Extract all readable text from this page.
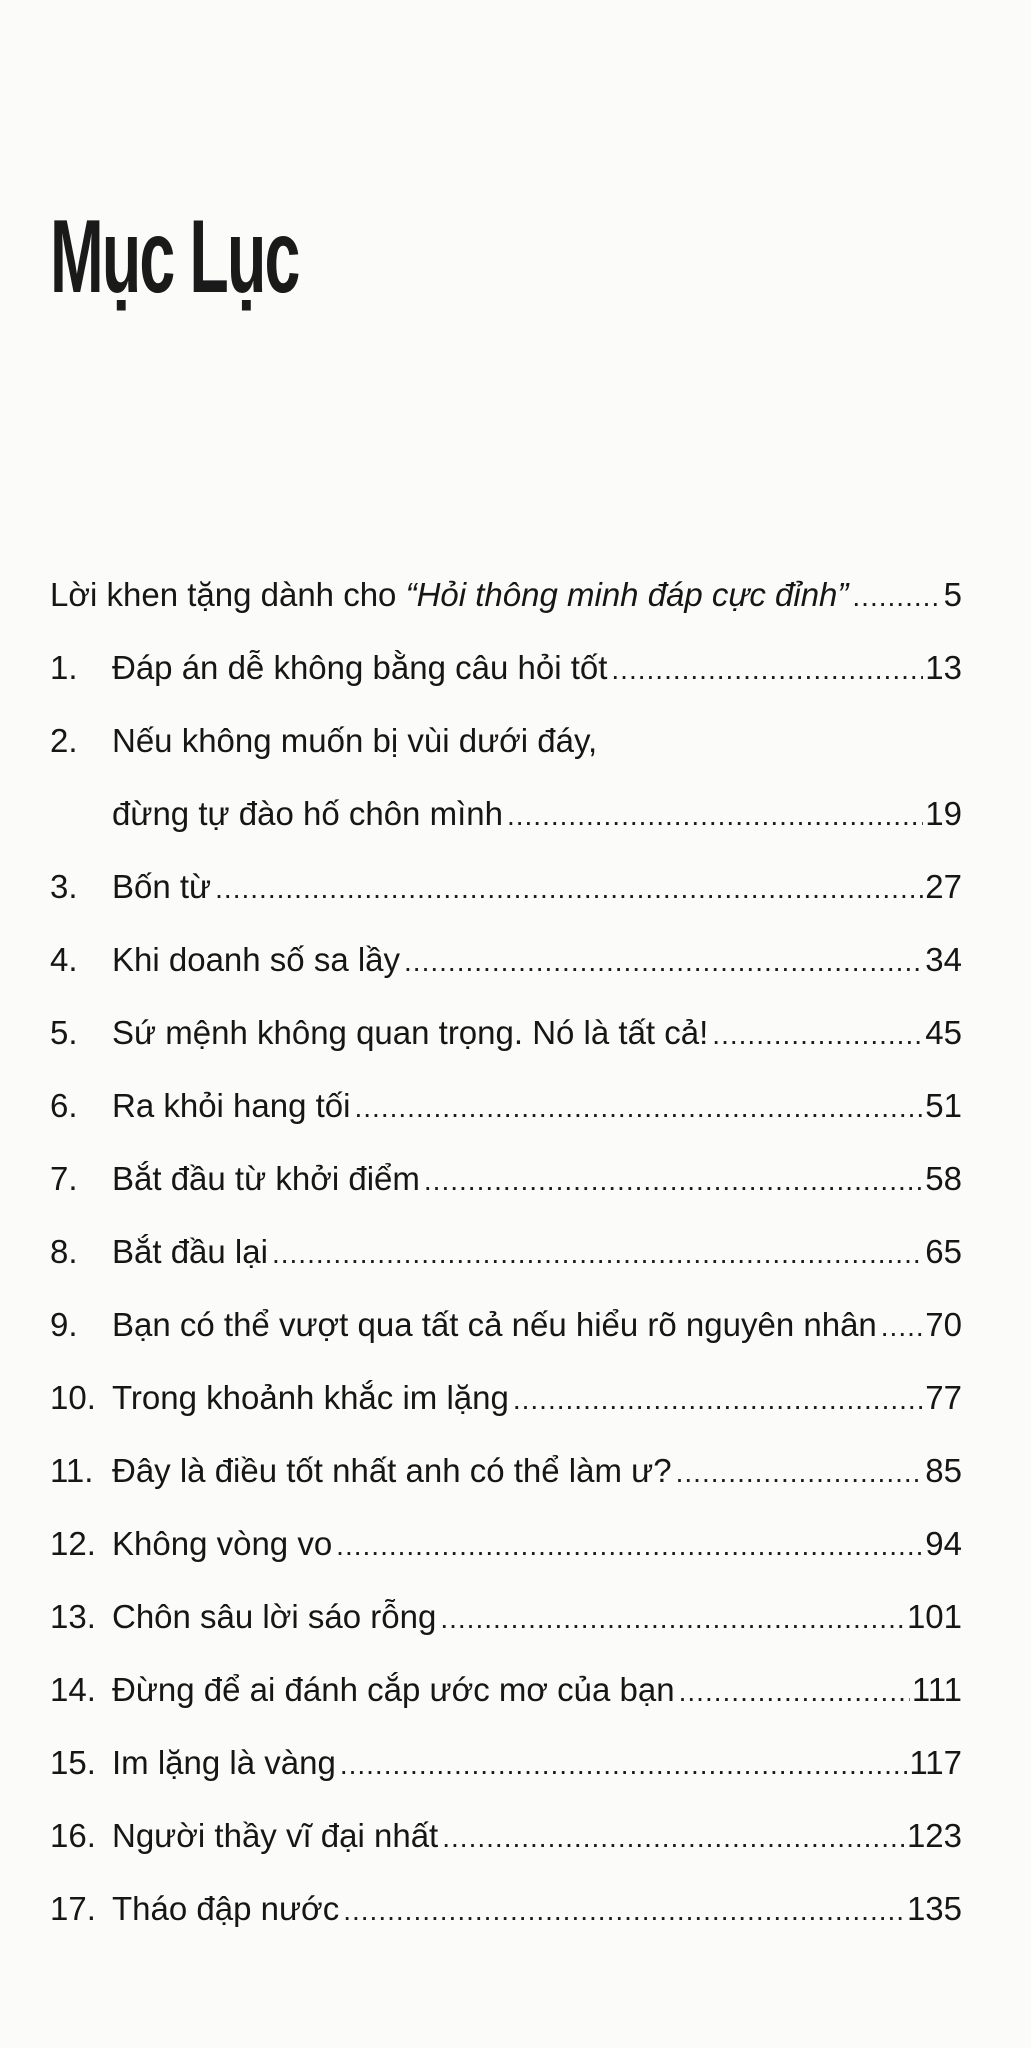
Mục Lục
Lời khen tặng dành cho “Hỏi thông minh đáp cực đỉnh” .....	5
1.	Đáp án dễ không bằng câu hỏi tốt .....	13
2.	Nếu không muốn bị vùi dưới đáy,
đừng tự đào hố chôn mình .....	19
3.	Bốn từ .....	27
4.	Khi doanh số sa lầy .....	34
5.	Sứ mệnh không quan trọng. Nó là tất cả! .....	45
6.	Ra khỏi hang tối .....	51
7.	Bắt đầu từ khởi điểm .....	58
8.	Bắt đầu lại .....	65
9.	Bạn có thể vượt qua tất cả nếu hiểu rõ nguyên nhân ..... 70
10. Trong khoảnh khắc im lặng .....	77
11. Đây là điều tốt nhất anh có thể làm ư? .....	85
12. Không vòng vo .....	94
13. Chôn sâu lời sáo rỗng .....	101
14. Đừng để ai đánh cắp ước mơ của bạn .....	111
15. Im lặng là vàng .....	117
16. Người thầy vĩ đại nhất .....	123
17. Tháo đập nước .....	135
